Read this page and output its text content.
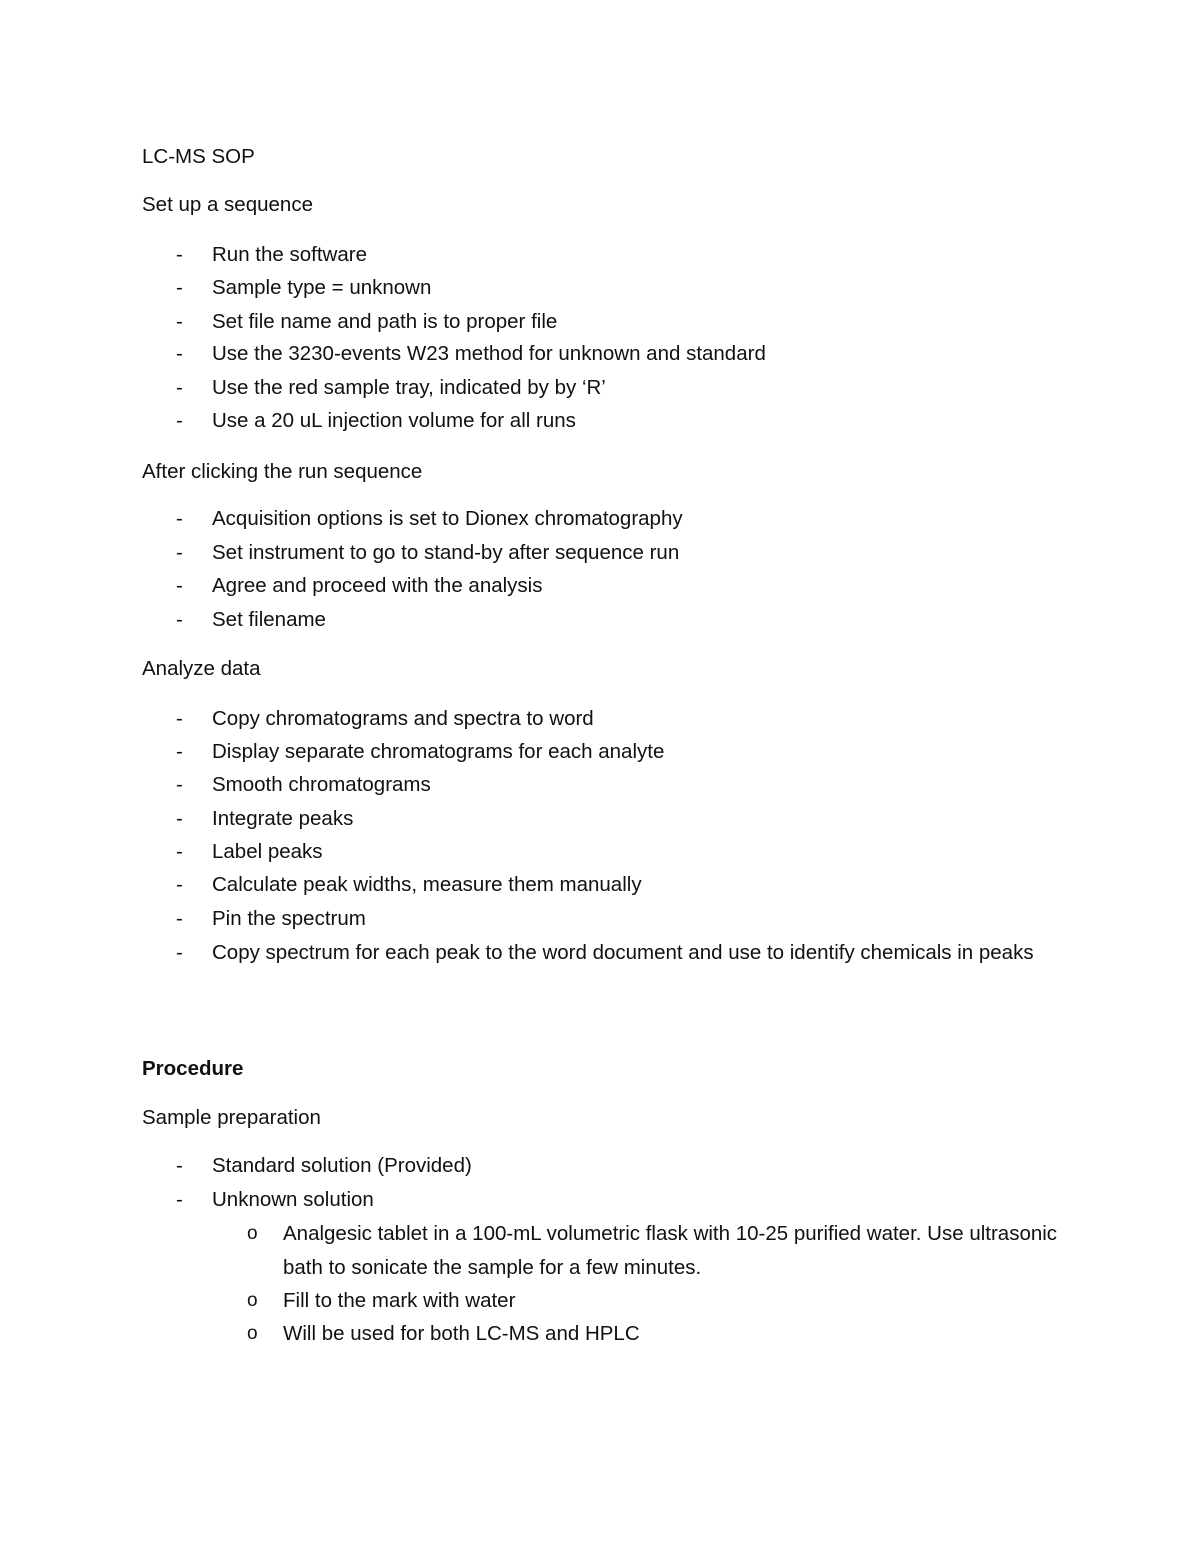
LC-MS SOP
Set up a sequence
- Run the software
- Sample type = unknown
- Set file name and path is to proper file
- Use the 3230-events W23 method for unknown and standard
- Use the red sample tray, indicated by by ‘R’
- Use a 20 uL injection volume for all runs
After clicking the run sequence
- Acquisition options is set to Dionex chromatography
- Set instrument to go to stand-by after sequence run
- Agree and proceed with the analysis
- Set filename
Analyze data
- Copy chromatograms and spectra to word
- Display separate chromatograms for each analyte
- Smooth chromatograms
- Integrate peaks
- Label peaks
- Calculate peak widths, measure them manually
- Pin the spectrum
- Copy spectrum for each peak to the word document and use to identify chemicals in peaks
Procedure
Sample preparation
- Standard solution (Provided)
- Unknown solution
o Analgesic tablet in a 100-mL volumetric flask with 10-25 purified water. Use ultrasonic bath to sonicate the sample for a few minutes.
o Fill to the mark with water
o Will be used for both LC-MS and HPLC
